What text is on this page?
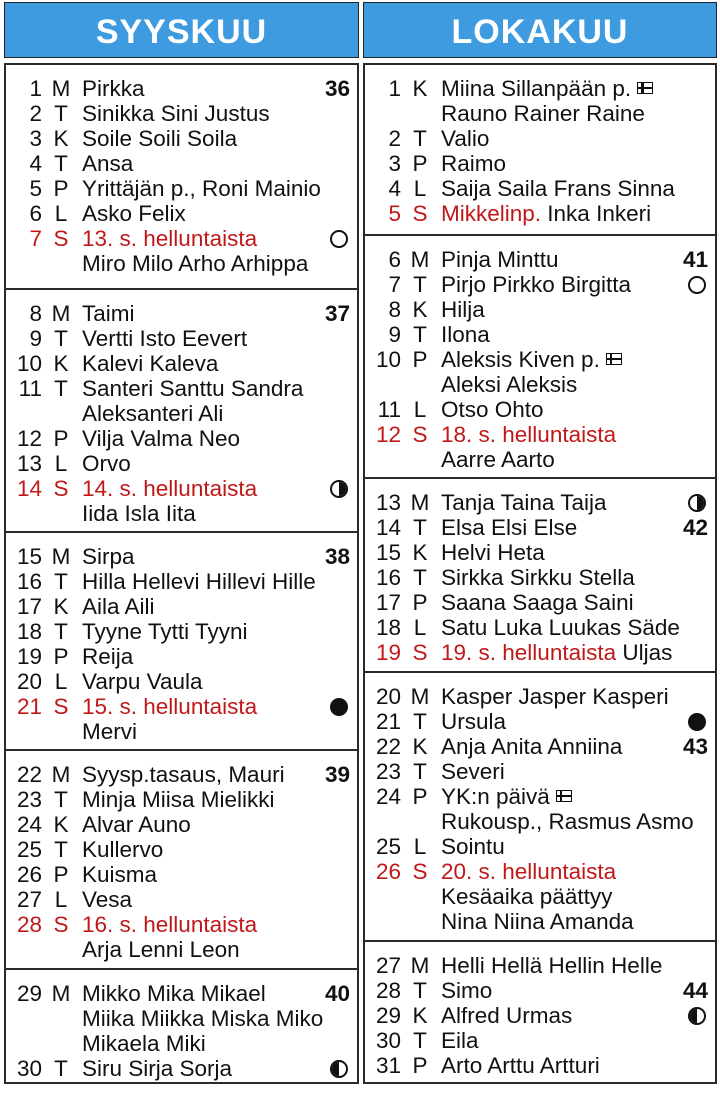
SYYSKUU
1 M Pirkka	36
2 T Sinikka Sini Justus
3 K Soile Soili Soila
4 T Ansa
5 P Yrittäjän p., Roni Mainio
6 L Asko Felix
7 S 13. s. helluntaista
Miro Milo Arho Arhippa
8 M Taimi	37
9 T Vertti Isto Eevert
10 K Kalevi Kaleva
11 T Santeri Santtu Sandra
Aleksanteri Ali
12 P Vilja Valma Neo
13 L Orvo
14 S 14. s. helluntaista
Iida Isla Iita
15 M Sirpa	38
16 T Hilla Hellevi Hillevi Hille
17 K Aila Aili
18 T Tyyne Tytti Tyyni
19 P Reija
20 L Varpu Vaula
21 S 15. s. helluntaista
Mervi
22 M Syysp.tasaus, Mauri 39
23 T Minja Miisa Mielikki
24 K Alvar Auno
25 T Kullervo
26 P Kuisma
27 L Vesa
28 S 16. s. helluntaista
Arja Lenni Leon
29 M Mikko Mika Mikael	40
Miika Miikka Miska Miko
Mikaela Miki
30 T Siru Sirja Sorja
LOKAKUU
1 K Miina Sillanpään p.
Rauno Rainer Raine
2 T Valio
3 P Raimo
4 L Saija Saila Frans Sinna
5 S Mikkelinp. Inka Inkeri
6 M Pinja Minttu	41
7 T Pirjo Pirkko Birgitta
8 K Hilja
9 T Ilona
10 P Aleksis Kiven p.
Aleksi Aleksis
11 L Otso Ohto
12 S 18. s. helluntaista
Aarre Aarto
13 M Tanja Taina Taija
14 T Elsa Elsi Else	42
15 K Helvi Heta
16 T Sirkka Sirkku Stella
17 P Saana Saaga Saini
18 L Satu Luka Luukas Säde
19 S 19. s. helluntaista Uljas
20 M Kasper Jasper Kasperi
21 T Ursula
22 K Anja Anita Anniina	43
23 T Severi
24 P YK:n päivä
Rukousp., Rasmus Asmo
25 L Sointu
26 S 20. s. helluntaista
Kesäaika päättyy
Nina Niina Amanda
27 M Helli Hellä Hellin Helle
28 T Simo	44
29 K Alfred Urmas
30 T Eila
31 P Arto Arttu Artturi
